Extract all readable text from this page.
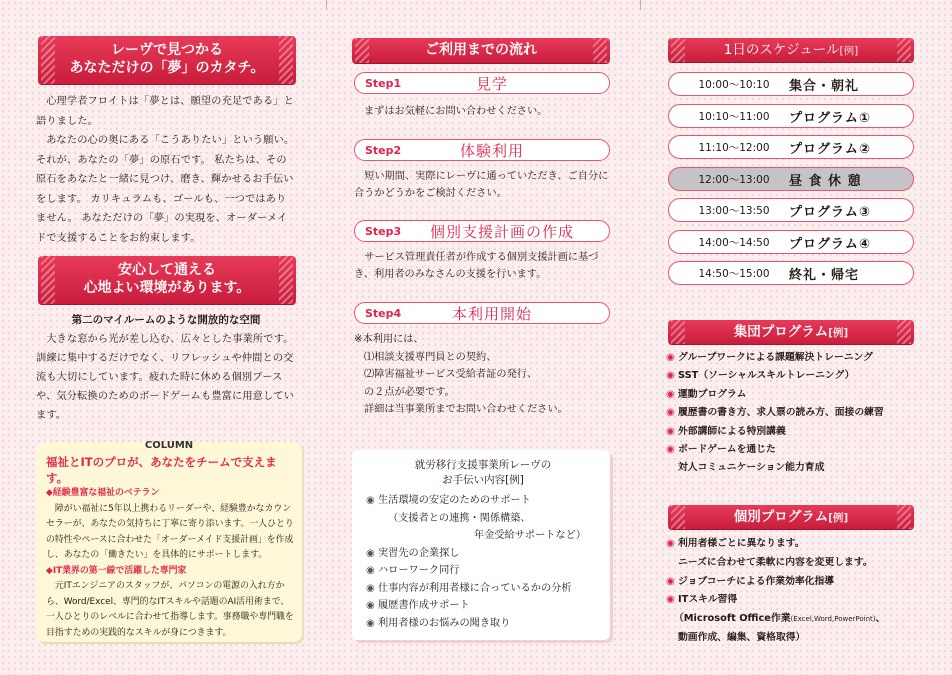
レーヴで見つかる
あなただけの「夢」のカタチ。

心理学者フロイトは「夢とは、願望の充足である」と語りました。

あなたの心の奥にある「こうありたい」という願い。それが、あなたの「夢」の原石です。 私たちは、その原石をあなたと一緒に見つけ、磨き、輝かせるお手伝いをします。 カリキュラムも、ゴールも、一つではありません。 あなただけの「夢」の実現を、オーダーメイドで支援することをお約束します。

安心して通える
心地よい環境があります。
第二のマイルームのような開放的な空間

大きな窓から光が差し込む、広々とした事業所です。訓練に集中するだけでなく、リフレッシュや仲間との交流も大切にしています。疲れた時に休める個別ブースや、気分転換のためのボードゲームも豊富に用意しています。

COLUMN
福祉とITのプロが、あなたをチームで支えます。
◆経験豊富な福祉のベテラン
障がい福祉に5年以上携わるリーダーや、経験豊かなカウンセラーが、あなたの気持ちに丁寧に寄り添います。一人ひとりの特性やペースに合わせた「オーダーメイド支援計画」を作成し、あなたの「働きたい」を具体的にサポートします。
◆IT業界の第一線で活躍した専門家
元ITエンジニアのスタッフが、パソコンの電源の入れ方から、Word/Excel、専門的なITスキルや話題のAI活用術まで、一人ひとりのレベルに合わせて指導します。事務職や専門職を目指すための実践的なスキルが身につきます。
ご利用までの流れ
Step1	見学
まずはお気軽にお問い合わせください。
Step2	体験利用
短い期間、実際にレーヴに通っていただき、ご自分に合うかどうかをご検討ください。
Step3	個別支援計画の作成
サービス管理責任者が作成する個別支援計画に基づき、利用者のみなさんの支援を行います。
Step4	本利用開始
※本利用には、
⑴相談支援専門員との契約、
⑵障害福祉サービス受給者証の発行、
の２点が必要です。
詳細は当事業所までお問い合わせください。
就労移行支援事業所レーヴの
お手伝い内容[例]
◉ 生活環境の安定のためのサポート
（支援者との連携・関係構築、
年金受給サポートなど）
◉ 実習先の企業探し
◉ ハローワーク同行
◉ 仕事内容が利用者様に合っているかの分析
◉ 履歴書作成サポート
◉ 利用者様のお悩みの聞き取り
1日のスケジュール[例]
10:00～10:10	集合・朝礼
10:10～11:00	プログラム①
11:10～12:00	プログラム②
12:00～13:00	昼 食 休 憩
13:00～13:50	プログラム③
14:00～14:50	プログラム④
14:50～15:00	終礼・帰宅
集団プログラム[例]
◉ グループワークによる課題解決トレーニング
◉ SST（ソーシャルスキルトレーニング）
◉ 運動プログラム
◉ 履歴書の書き方、求人票の読み方、面接の練習
◉ 外部講師による特別講義
◉ ボードゲームを通じた
対人コミュニケーション能力育成
個別プログラム[例]
◉ 利用者様ごとに異なります。
ニーズに合わせて柔軟に内容を変更します。
◉ ジョブコーチによる作業効率化指導
◉ ITスキル習得
（Microsoft Office作業(Excel,Word,PowerPoint)、
動画作成、編集、資格取得）
